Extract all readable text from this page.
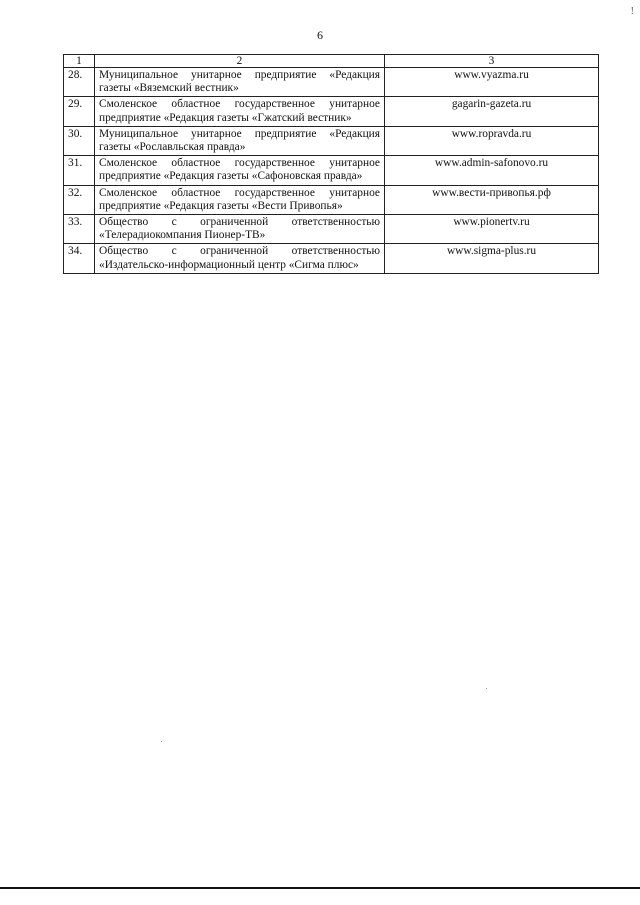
!
6
1	2	3
28.	Муниципальное унитарное предприятие «Редакция газеты «Вяземский вестник»	www.vyazma.ru
29.	Смоленское областное государственное унитарное предприятие «Редакция газеты «Гжатский вестник»	gagarin-gazeta.ru
30.	Муниципальное унитарное предприятие «Редакция газеты «Рославльская правда»	www.ropravda.ru
31.	Смоленское областное государственное унитарное предприятие «Редакция газеты «Сафоновская правда»	www.admin-safonovo.ru
32.	Смоленское областное государственное унитарное предприятие «Редакция газеты «Вести Привопья»	www.вести-привопья.рф
33.	Общество с ограниченной ответственностью «Телерадиокомпания Пионер-ТВ»	www.pionertv.ru
34.	Общество с ограниченной ответственностью «Издательско-информационный центр «Сигма плюс»	www.sigma-plus.ru
